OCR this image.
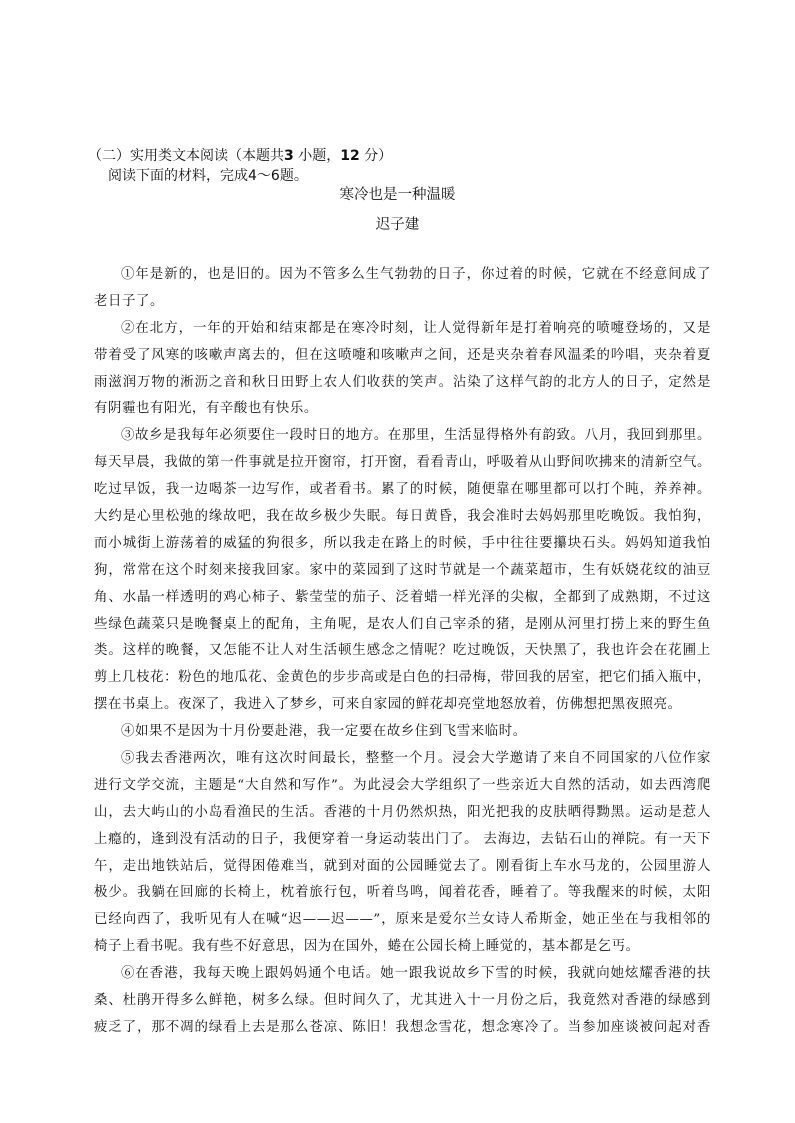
（二）实用类文本阅读（本题共3 小题，12 分）
阅读下面的材料，完成4～6题。
寒冷也是一种温暖
迟子建
①年是新的，也是旧的。因为不管多么生气勃勃的日子，你过着的时候，它就在不经意间成了
老日子了。
②在北方，一年的开始和结束都是在寒冷时刻，让人觉得新年是打着响亮的喷嚏登场的，又是
带着受了风寒的咳嗽声离去的，但在这喷嚏和咳嗽声之间，还是夹杂着春风温柔的吟唱，夹杂着夏
雨滋润万物的淅沥之音和秋日田野上农人们收获的笑声。沾染了这样气韵的北方人的日子，定然是
有阴霾也有阳光，有辛酸也有快乐。
③故乡是我每年必须要住一段时日的地方。在那里，生活显得格外有韵致。八月，我回到那里。
每天早晨，我做的第一件事就是拉开窗帘，打开窗，看看青山，呼吸着从山野间吹拂来的清新空气。
吃过早饭，我一边喝茶一边写作，或者看书。累了的时候，随便靠在哪里都可以打个盹，养养神。
大约是心里松弛的缘故吧，我在故乡极少失眠。每日黄昏，我会准时去妈妈那里吃晚饭。我怕狗，
而小城街上游荡着的威猛的狗很多，所以我走在路上的时候，手中往往要攥块石头。妈妈知道我怕
狗，常常在这个时刻来接我回家。家中的菜园到了这时节就是一个蔬菜超市，生有妖娆花纹的油豆
角、水晶一样透明的鸡心柿子、紫莹莹的茄子、泛着蜡一样光泽的尖椒，全都到了成熟期，不过这
些绿色蔬菜只是晚餐桌上的配角，主角呢，是农人们自己宰杀的猪，是刚从河里打捞上来的野生鱼
类。这样的晚餐，又怎能不让人对生活顿生感念之情呢？吃过晚饭，天快黑了，我也许会在花圃上
剪上几枝花：粉色的地瓜花、金黄色的步步高或是白色的扫帚梅，带回我的居室，把它们插入瓶中，
摆在书桌上。夜深了，我进入了梦乡，可来自家园的鲜花却亮堂地怒放着，仿佛想把黑夜照亮。
④如果不是因为十月份要赴港，我一定要在故乡住到飞雪来临时。
⑤我去香港两次，唯有这次时间最长，整整一个月。浸会大学邀请了来自不同国家的八位作家
进行文学交流，主题是“大自然和写作”。为此浸会大学组织了一些亲近大自然的活动，如去西湾爬
山，去大屿山的小岛看渔民的生活。香港的十月仍然炽热，阳光把我的皮肤晒得黝黑。运动是惹人
上瘾的，逢到没有活动的日子，我便穿着一身运动装出门了。 去海边，去钻石山的禅院。有一天下
午，走出地铁站后，觉得困倦难当，就到对面的公园睡觉去了。刚看街上车水马龙的，公园里游人
极少。我躺在回廊的长椅上，枕着旅行包，听着鸟鸣，闻着花香，睡着了。等我醒来的时候，太阳
已经向西了，我听见有人在喊“迟——迟——”，原来是爱尔兰女诗人希斯金，她正坐在与我相邻的
椅子上看书呢。我有些不好意思，因为在国外，蜷在公园长椅上睡觉的，基本都是乞丐。
⑥在香港，我每天晚上跟妈妈通个电话。她一跟我说故乡下雪的时候，我就向她炫耀香港的扶
桑、杜鹃开得多么鲜艳，树多么绿。但时间久了，尤其进入十一月份之后，我竟然对香港的绿感到
疲乏了，那不凋的绿看上去是那么苍凉、陈旧！我想念雪花，想念寒冷了。当参加座谈被问起对香
